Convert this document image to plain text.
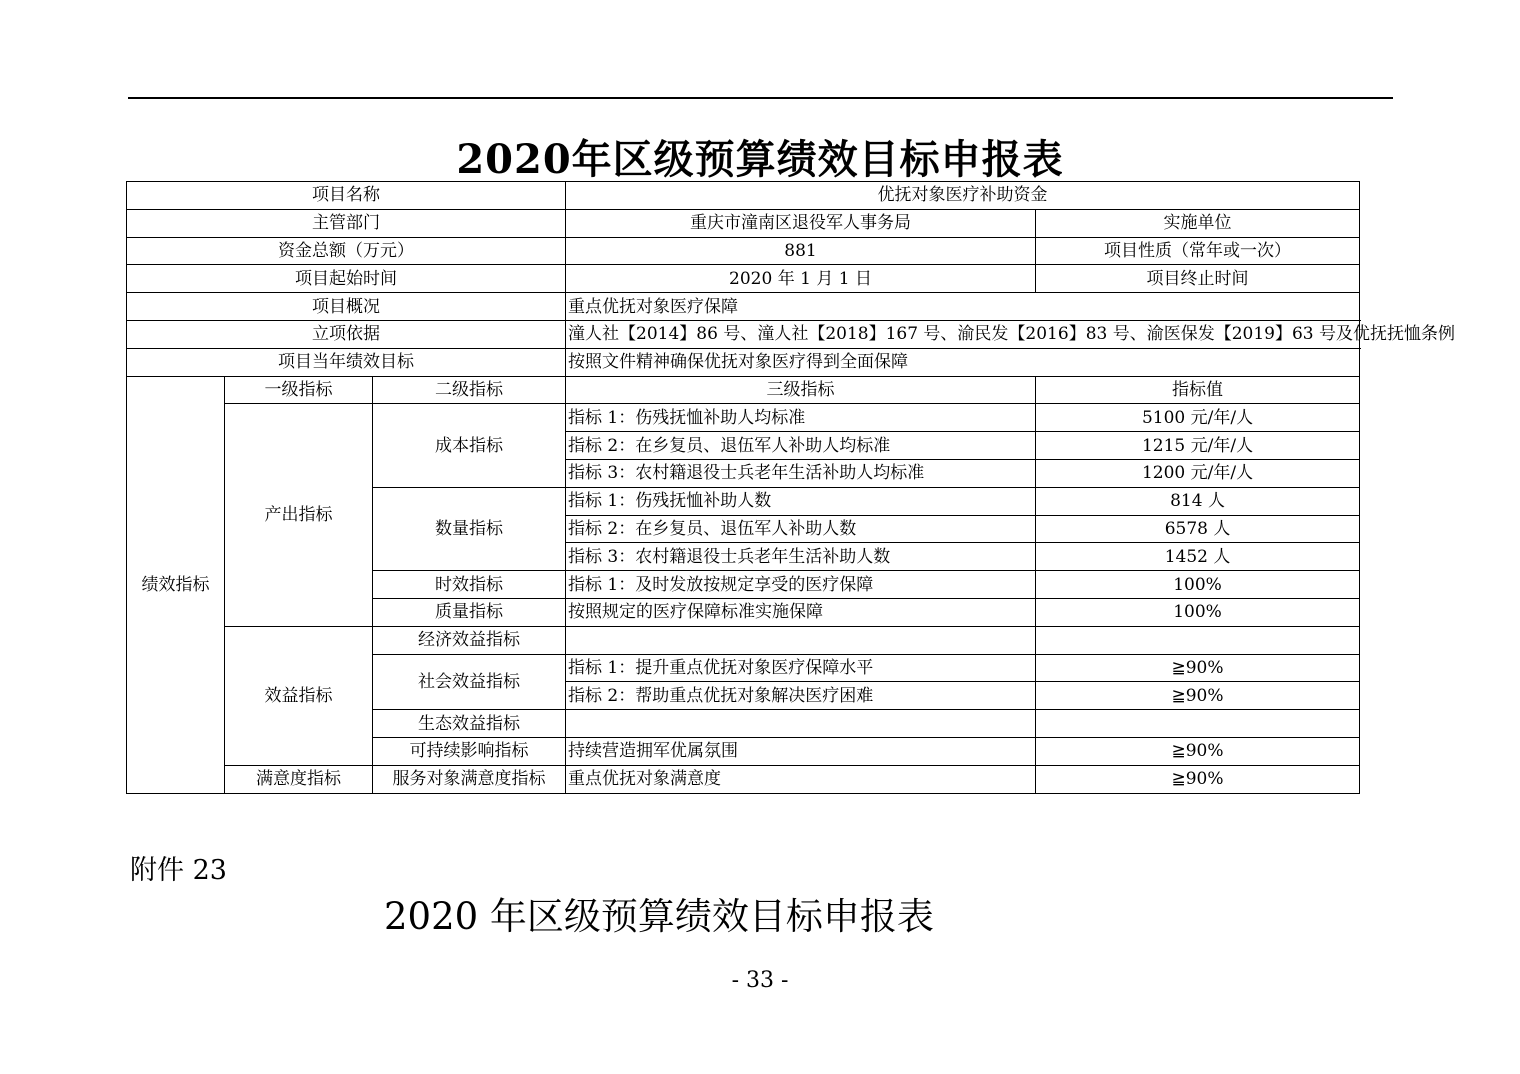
2020年区级预算绩效目标申报表
项目名称			优抚对象医疗补助资金		
主管部门			重庆市潼南区退役军人事务局	实施单位	
资金总额（万元）			881	项目性质（常年或一次）	
项目起始时间			2020 年 1 月 1 日	项目终止时间	
项目概况			重点优抚对象医疗保障		
立项依据			潼人社【2014】86 号、潼人社【2018】167 号、渝民发【2016】83 号、渝医保发【2019】63 号及优抚抚恤条例		
项目当年绩效目标			按照文件精神确保优抚对象医疗得到全面保障		
绩效指标	一级指标	二级指标	三级指标	指标值	
	产出指标	成本指标	指标 1：伤残抚恤补助人均标准	5100 元/年/人	
			指标 2：在乡复员、退伍军人补助人均标准	1215 元/年/人	
			指标 3：农村籍退役士兵老年生活补助人均标准	1200 元/年/人	
		数量指标	指标 1：伤残抚恤补助人数	814 人	
			指标 2：在乡复员、退伍军人补助人数	6578 人	
			指标 3：农村籍退役士兵老年生活补助人数	1452 人	
		时效指标	指标 1：及时发放按规定享受的医疗保障	100%	
		质量指标	按照规定的医疗保障标准实施保障	100%	
	效益指标	经济效益指标			
		社会效益指标	指标 1：提升重点优抚对象医疗保障水平	≧90%	
			指标 2：帮助重点优抚对象解决医疗困难	≧90%	
		生态效益指标			
		可持续影响指标	持续营造拥军优属氛围	≧90%	
	满意度指标	服务对象满意度指标	重点优抚对象满意度	≧90%	
附件 23
2020 年区级预算绩效目标申报表
- 33 -
